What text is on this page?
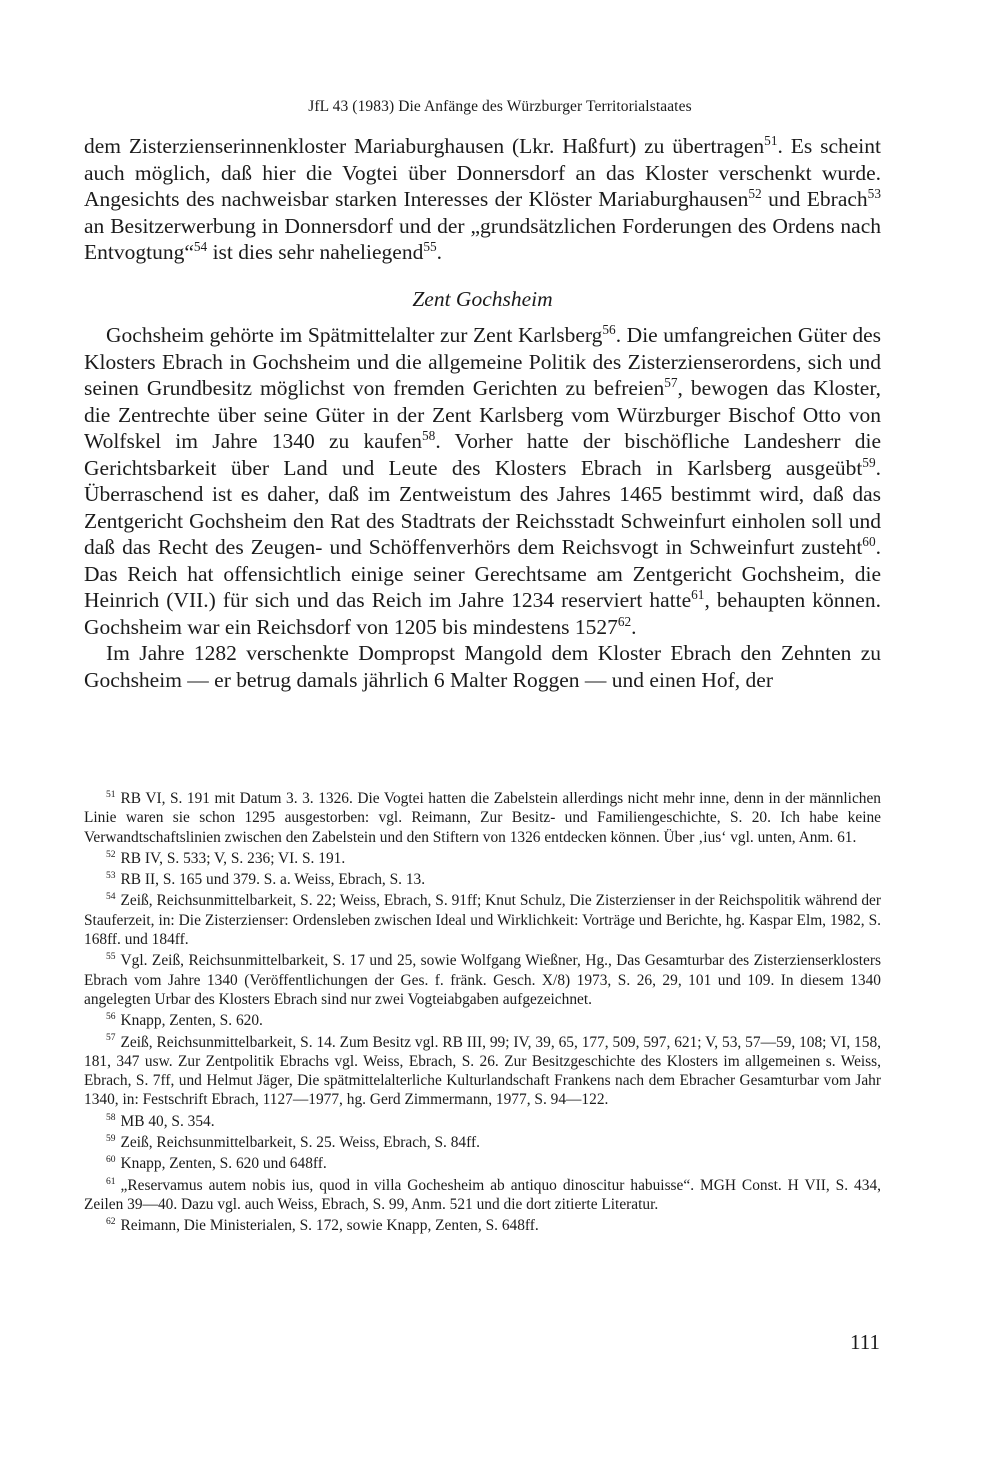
JfL 43 (1983) Die Anfänge des Würzburger Territorialstaates

dem Zisterzienserinnenkloster Mariaburghausen (Lkr. Haßfurt) zu übertragen$^{51}$. Es scheint auch möglich, daß hier die Vogtei über Donnersdorf an das Kloster verschenkt wurde. Angesichts des nachweisbar starken Interesses der Klöster Mariaburghausen$^{52}$ und Ebrach$^{53}$ an Besitzerwerbung in Donnersdorf und der „grundsätzlichen Forderungen des Ordens nach Entvogtung“$^{54}$ ist dies sehr naheliegend$^{55}$.

Zent Gochsheim

Gochsheim gehörte im Spätmittelalter zur Zent Karlsberg$^{56}$. Die umfangreichen Güter des Klosters Ebrach in Gochsheim und die allgemeine Politik des Zisterzienserordens, sich und seinen Grundbesitz möglichst von fremden Gerichten zu befreien$^{57}$, bewogen das Kloster, die Zentrechte über seine Güter in der Zent Karlsberg vom Würzburger Bischof Otto von Wolfskel im Jahre 1340 zu kaufen$^{58}$. Vorher hatte der bischöfliche Landesherr die Gerichtsbarkeit über Land und Leute des Klosters Ebrach in Karlsberg ausgeübt$^{59}$. Überraschend ist es daher, daß im Zentweistum des Jahres 1465 bestimmt wird, daß das Zentgericht Gochsheim den Rat des Stadtrats der Reichsstadt Schweinfurt einholen soll und daß das Recht des Zeugen- und Schöffenverhörs dem Reichsvogt in Schweinfurt zusteht$^{60}$. Das Reich hat offensichtlich einige seiner Gerechtsame am Zentgericht Gochsheim, die Heinrich (VII.) für sich und das Reich im Jahre 1234 reserviert hatte$^{61}$, behaupten können. Gochsheim war ein Reichsdorf von 1205 bis mindestens 1527$^{62}$.

Im Jahre 1282 verschenkte Dompropst Mangold dem Kloster Ebrach den Zehnten zu Gochsheim — er betrug damals jährlich 6 Malter Roggen — und einen Hof, der

$^{51}$ RB VI, S. 191 mit Datum 3. 3. 1326. Die Vogtei hatten die Zabelstein allerdings nicht mehr inne, denn in der männlichen Linie waren sie schon 1295 ausgestorben: vgl. Reimann, Zur Besitz- und Familiengeschichte, S. 20. Ich habe keine Verwandtschaftslinien zwischen den Zabelstein und den Stiftern von 1326 entdecken können. Über ‚ius‘ vgl. unten, Anm. 61.

$^{52}$ RB IV, S. 533; V, S. 236; VI. S. 191.

$^{53}$ RB II, S. 165 und 379. S. a. Weiss, Ebrach, S. 13.

$^{54}$ Zeiß, Reichsunmittelbarkeit, S. 22; Weiss, Ebrach, S. 91ff; Knut Schulz, Die Zisterzienser in der Reichspolitik während der Stauferzeit, in: Die Zisterzienser: Ordensleben zwischen Ideal und Wirklichkeit: Vorträge und Berichte, hg. Kaspar Elm, 1982, S. 168ff. und 184ff.

$^{55}$ Vgl. Zeiß, Reichsunmittelbarkeit, S. 17 und 25, sowie Wolfgang Wießner, Hg., Das Gesamturbar des Zisterzienserklosters Ebrach vom Jahre 1340 (Veröffentlichungen der Ges. f. fränk. Gesch. X/8) 1973, S. 26, 29, 101 und 109. In diesem 1340 angelegten Urbar des Klosters Ebrach sind nur zwei Vogteiabgaben aufgezeichnet.

$^{56}$ Knapp, Zenten, S. 620.

$^{57}$ Zeiß, Reichsunmittelbarkeit, S. 14. Zum Besitz vgl. RB III, 99; IV, 39, 65, 177, 509, 597, 621; V, 53, 57—59, 108; VI, 158, 181, 347 usw. Zur Zentpolitik Ebrachs vgl. Weiss, Ebrach, S. 26. Zur Besitzgeschichte des Klosters im allgemeinen s. Weiss, Ebrach, S. 7ff, und Helmut Jäger, Die spätmittelalterliche Kulturlandschaft Frankens nach dem Ebracher Gesamturbar vom Jahr 1340, in: Festschrift Ebrach, 1127—1977, hg. Gerd Zimmermann, 1977, S. 94—122.

$^{58}$ MB 40, S. 354.

$^{59}$ Zeiß, Reichsunmittelbarkeit, S. 25. Weiss, Ebrach, S. 84ff.

$^{60}$ Knapp, Zenten, S. 620 und 648ff.

$^{61}$ „Reservamus autem nobis ius, quod in villa Gochesheim ab antiquo dinoscitur habuisse“. MGH Const. H VII, S. 434, Zeilen 39—40. Dazu vgl. auch Weiss, Ebrach, S. 99, Anm. 521 und die dort zitierte Literatur.

$^{62}$ Reimann, Die Ministerialen, S. 172, sowie Knapp, Zenten, S. 648ff.

111
